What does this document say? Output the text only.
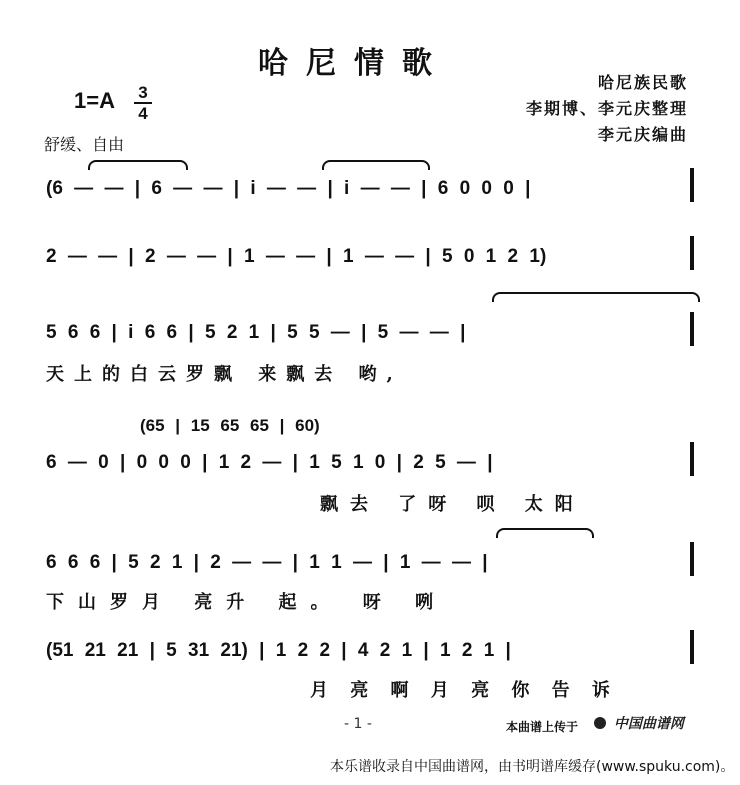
哈尼情歌
1=A 3
4
舒缓、自由
哈尼族民歌
李期博、李元庆整理
李元庆编曲
(6 — — | 6 — — | i — — | i — — | 6 0 0 0 |
2 — — | 2 — — | 1 — — | 1 — — | 5 0 1 2 1)
5 6 6 | i 6 6 | 5 2 1 | 5 5 — | 5 — — |
天上的白云罗飘 来飘去 哟,
(65 | 15 65 65 | 60)
6 — 0 | 0 0 0 | 1 2 — | 1 5 1 0 | 2 5 — |
飘去 了呀 呗 太阳
6 6 6 | 5 2 1 | 2 — — | 1 1 — | 1 — — |
下山罗月 亮升 起。 呀 咧
(51 21 21 | 5 31 21) | 1 2 2 | 4 2 1 | 1 2 1 |
月 亮 啊 月 亮 你 告 诉
- 1 -	本曲谱上传于	中国曲谱网
本乐谱收录自中国曲谱网，由书明谱库缓存(www.spuku.com)。
